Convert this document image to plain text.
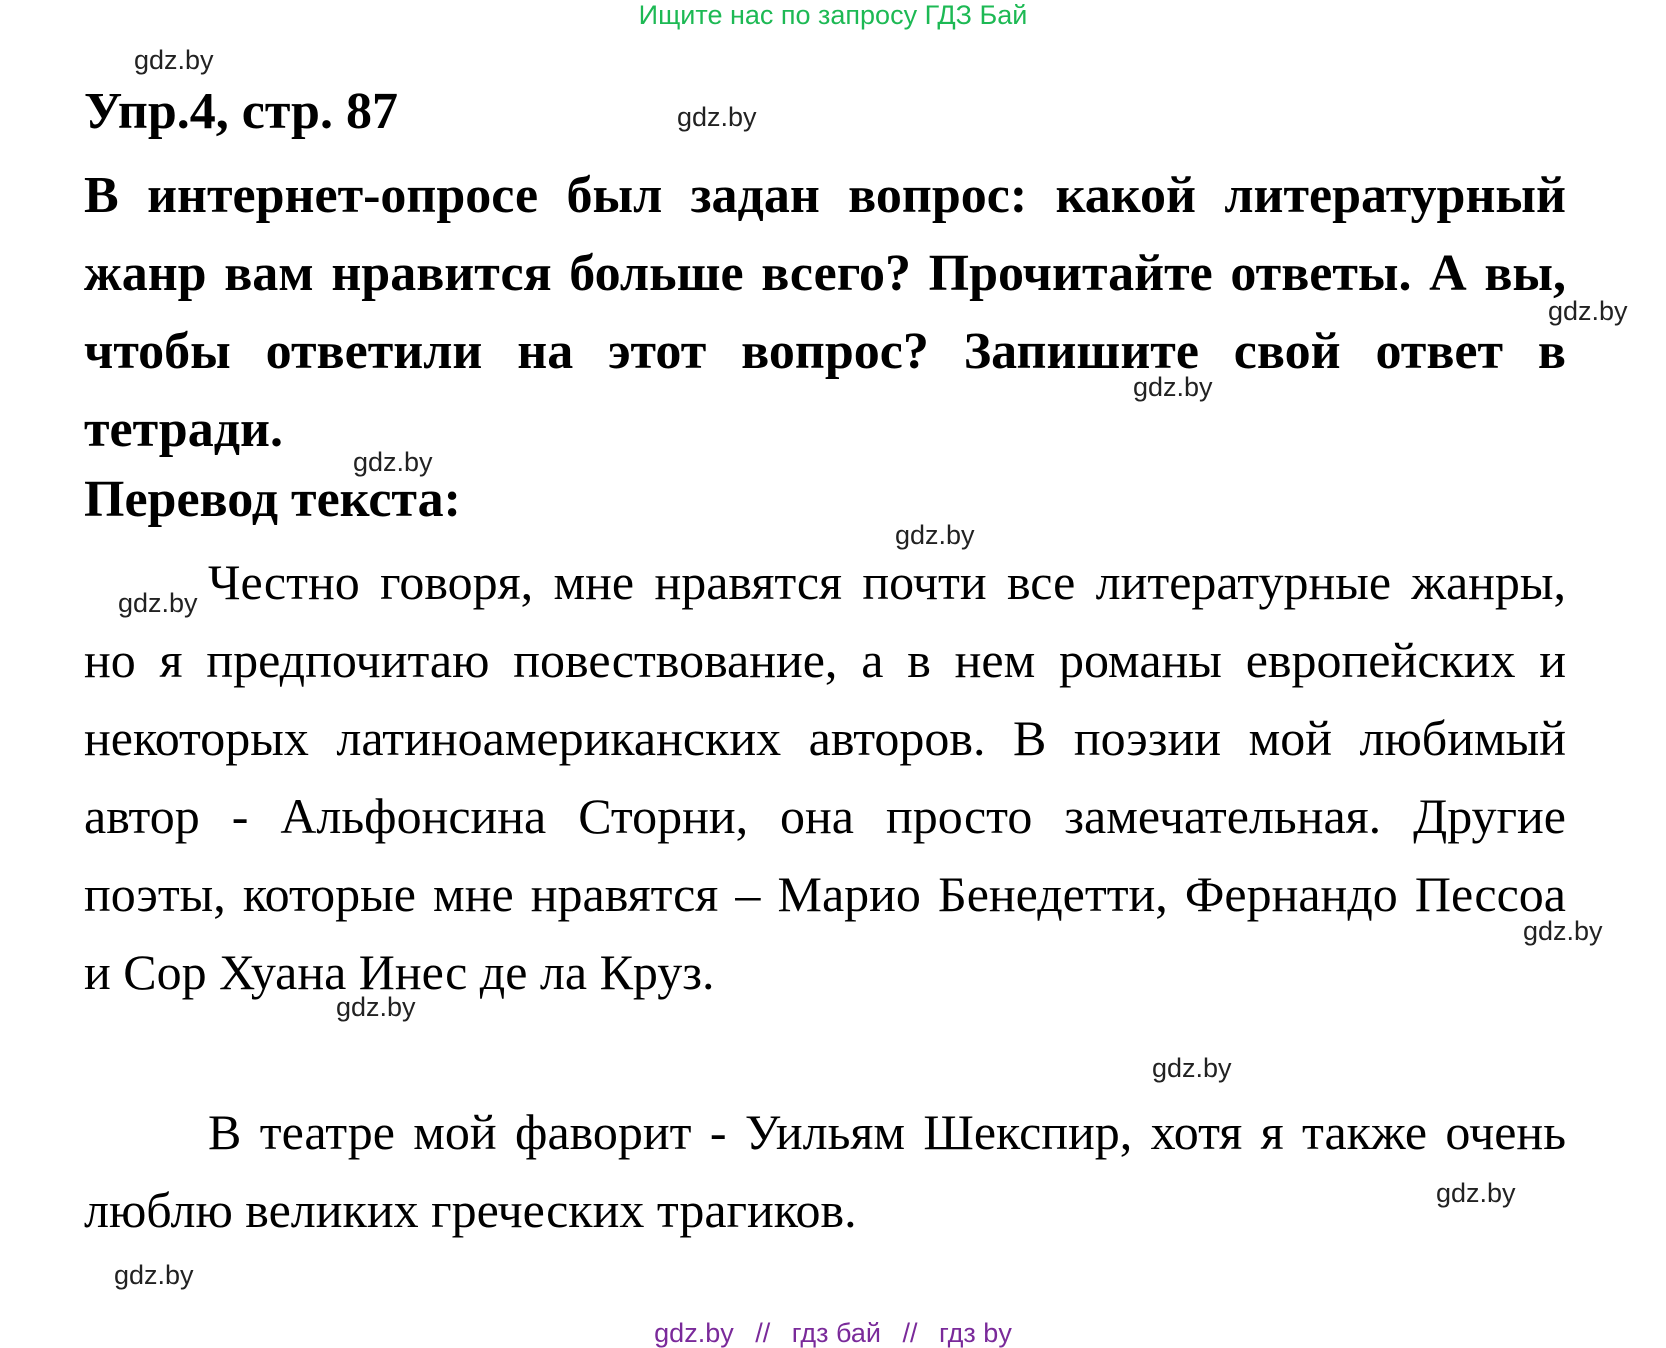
Ищите нас по запросу ГДЗ Бай
gdz.by
Упр.4, стр. 87	gdz.by
В интернет-опросе был задан вопрос: какой литературный жанр вам нравится больше всего? Прочитайте ответы. А вы, чтобы ответили на этот вопрос? Запишите свой ответ в тетради.
gdz.by
gdz.by
gdz.by
Перевод текста:
gdz.by
gdz.by Честно говоря, мне нравятся почти все литературные жанры, но я предпочитаю повествование, а в нем романы европейских и некоторых латиноамериканских авторов. В поэзии мой любимый автор - Альфонсина Сторни, она просто замечательная. Другие поэты, которые мне нравятся – Марио Бенедетти, Фернандо Пессоа и Сор Хуана Инес де ла Круз.

gdz.by
gdz.by
gdz.by

В театре мой фаворит - Уильям Шекспир, хотя я также очень люблю великих греческих трагиков.	gdz.by
gdz.by
gdz.by // гдз бай // гдз by
